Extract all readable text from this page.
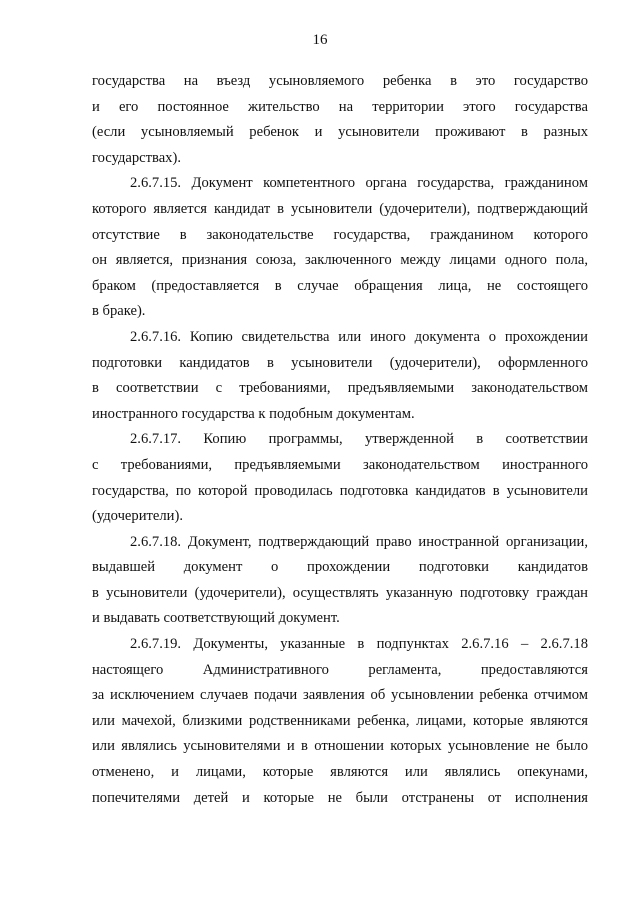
16
государства на въезд усыновляемого ребенка в это государство
и его постоянное жительство на территории этого государства
(если усыновляемый ребенок и усыновители проживают в разных
государствах).
2.6.7.15. Документ компетентного органа государства, гражданином
которого является кандидат в усыновители (удочерители), подтверждающий
отсутствие в законодательстве государства, гражданином которого
он является, признания союза, заключенного между лицами одного пола,
браком (предоставляется в случае обращения лица, не состоящего
в браке).
2.6.7.16. Копию свидетельства или иного документа о прохождении
подготовки кандидатов в усыновители (удочерители), оформленного
в соответствии с требованиями, предъявляемыми законодательством
иностранного государства к подобным документам.
2.6.7.17. Копию программы, утвержденной в соответствии
с требованиями, предъявляемыми законодательством иностранного
государства, по которой проводилась подготовка кандидатов в усыновители
(удочерители).
2.6.7.18. Документ, подтверждающий право иностранной организации,
выдавшей документ о прохождении подготовки кандидатов
в усыновители (удочерители), осуществлять указанную подготовку граждан
и выдавать соответствующий документ.
2.6.7.19. Документы, указанные в подпунктах 2.6.7.16 – 2.6.7.18
настоящего Административного регламента, предоставляются
за исключением случаев подачи заявления об усыновлении ребенка отчимом
или мачехой, близкими родственниками ребенка, лицами, которые являются
или являлись усыновителями и в отношении которых усыновление не было
отменено, и лицами, которые являются или являлись опекунами,
попечителями детей и которые не были отстранены от исполнения
